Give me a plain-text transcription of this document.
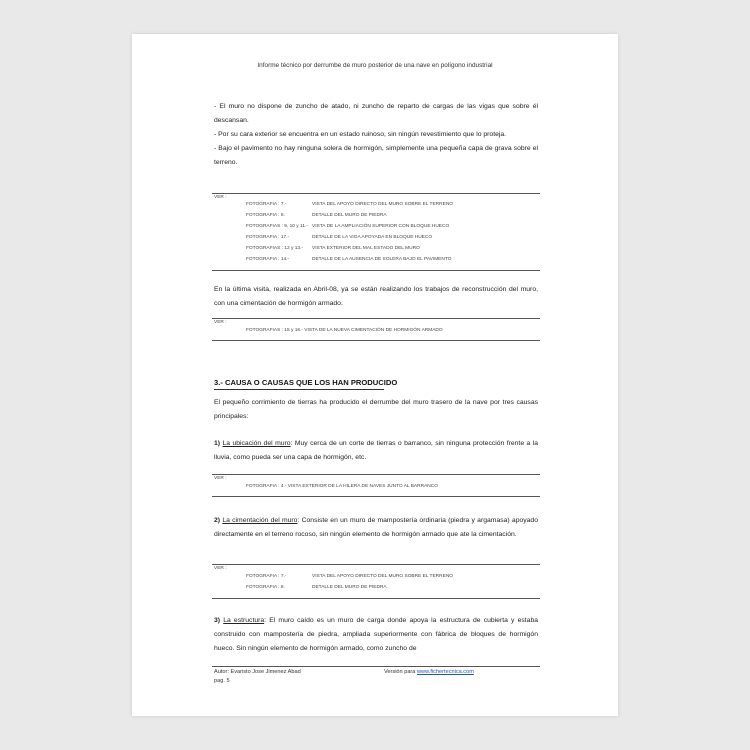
Informe técnico por derrumbe de muro posterior de una nave en polígono industrial

- El muro no dispone de zuncho de atado, ni zuncho de reparto de cargas de las vigas que sobre él descansan.

- Por su cara exterior se encuentra en un estado ruinoso, sin ningún revestimiento que lo proteja.

- Bajo el pavimento no hay ninguna solera de hormigón, simplemente una pequeña capa de grava sobre el terreno.

VER :
FOTOGRAFIA : 7.-	VISTA DEL APOYO DIRECTO DEL MURO SOBRE EL TERRENO
FOTOGRAFIA : 8.	DETALLE DEL MURO DE PIEDRA
FOTOGRAFIAS : 9, 10 y 11.- VISTA DE LA AMPLIACIÓN SUPERIOR CON BLOQUE HUECO
FOTOGRAFIA : 17.-	DETALLE DE LA VIGA APOYADA EN BLOQUE HUECO
FOTOGRAFIAS : 12 y 13.- VISTA EXTERIOR DEL MAL ESTADO DEL MURO
FOTOGRAFIA : 14.-	DETALLE DE LA AUSENCIA DE SOLERA BAJO EL PAVIMENTO
En la última visita, realizada en Abril-08, ya se están realizando los trabajos de reconstrucción del muro, con una cimentación de hormigón armado.
VER :
FOTOGRAFIAS : 15 y 16.- VISTA DE LA NUEVA CIMENTACIÓN DE HORMIGÓN ARMADO
3.- CAUSA O CAUSAS QUE LOS HAN PRODUCIDO
El pequeño corrimiento de tierras ha producido el derrumbe del muro trasero de la nave por tres causas principales:
1) La ubicación del muro: Muy cerca de un corte de tierras o barranco, sin ninguna protección frente a la lluvia, como pueda ser una capa de hormigón, etc.
VER :
FOTOGRAFIA : 4.- VISTA EXTERIOR DE LA HILERA DE NAVES JUNTO AL BARRANCO
2) La cimentación del muro: Consiste en un muro de mampostería ordinaria (piedra y argamasa) apoyado directamente en el terreno rocoso, sin ningún elemento de hormigón armado que ate la cimentación.
VER :
FOTOGRAFIA : 7.-	VISTA DEL APOYO DIRECTO DEL MURO SOBRE EL TERRENO
FOTOGRAFIA : 8.	DETALLE DEL MURO DE PIEDRA
3) La estructura: El muro caído es un muro de carga donde apoya la estructura de cubierta y estaba construido con mampostería de piedra, ampliada superiormente con fábrica de bloques de hormigón hueco. Sin ningún elemento de hormigón armado, como zuncho de
Autor: Evaristo Jose Jimenez Abad	Versión para www.fichertecnica.com
pag. 5
